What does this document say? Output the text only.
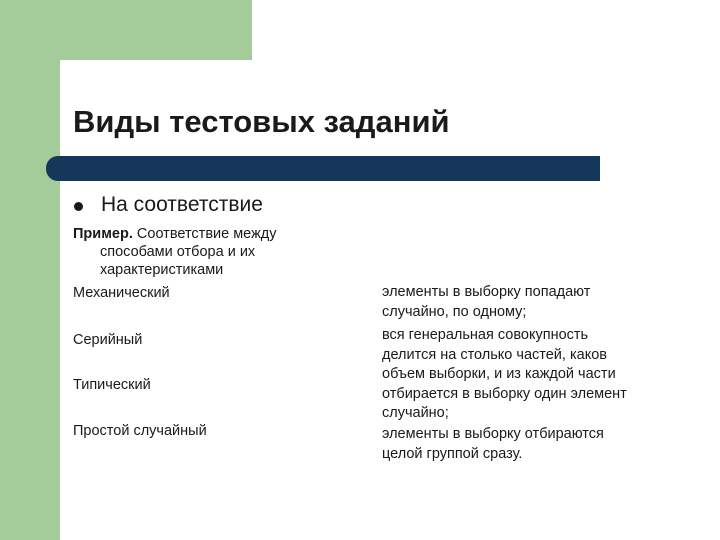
Виды тестовых заданий
На соответствие
Пример. Соответствие между
способами отбора и их
характеристиками
Механический
Серийный
Типический
Простой случайный
элементы в выборку попадают
случайно, по одному;
вся генеральная совокупность
делится на столько частей, каков
объем выборки, и из каждой части
отбирается в выборку один элемент
случайно;
элементы в выборку отбираются
целой группой сразу.
